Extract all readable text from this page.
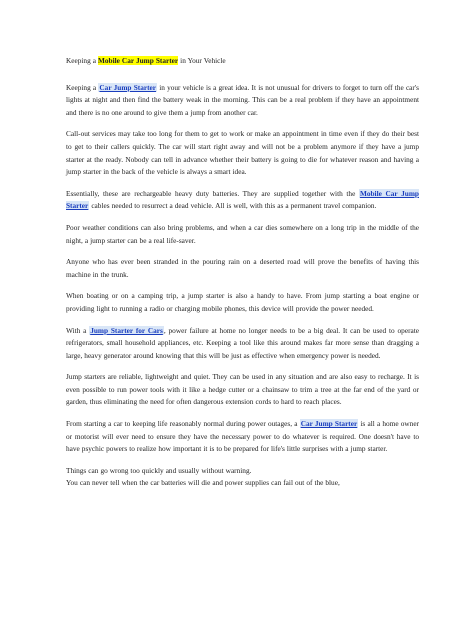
Keeping a Mobile Car Jump Starter in Your Vehicle

Keeping a Car Jump Starter in your vehicle is a great idea. It is not unusual for drivers to forget to turn off the car's lights at night and then find the battery weak in the morning. This can be a real problem if they have an appointment and there is no one around to give them a jump from another car.

Call-out services may take too long for them to get to work or make an appointment in time even if they do their best to get to their callers quickly. The car will start right away and will not be a problem anymore if they have a jump starter at the ready. Nobody can tell in advance whether their battery is going to die for whatever reason and having a jump starter in the back of the vehicle is always a smart idea.

Essentially, these are rechargeable heavy duty batteries. They are supplied together with the Mobile Car Jump Starter cables needed to resurrect a dead vehicle. All is well, with this as a permanent travel companion.

Poor weather conditions can also bring problems, and when a car dies somewhere on a long trip in the middle of the night, a jump starter can be a real life-saver.

Anyone who has ever been stranded in the pouring rain on a deserted road will prove the benefits of having this machine in the trunk.

When boating or on a camping trip, a jump starter is also a handy to have. From jump starting a boat engine or providing light to running a radio or charging mobile phones, this device will provide the power needed.

With a Jump Starter for Cars, power failure at home no longer needs to be a big deal. It can be used to operate refrigerators, small household appliances, etc. Keeping a tool like this around makes far more sense than dragging a large, heavy generator around knowing that this will be just as effective when emergency power is needed.

Jump starters are reliable, lightweight and quiet. They can be used in any situation and are also easy to recharge. It is even possible to run power tools with it like a hedge cutter or a chainsaw to trim a tree at the far end of the yard or garden, thus eliminating the need for often dangerous extension cords to hard to reach places.

From starting a car to keeping life reasonably normal during power outages, a Car Jump Starter is all a home owner or motorist will ever need to ensure they have the necessary power to do whatever is required. One doesn't have to have psychic powers to realize how important it is to be prepared for life's little surprises with a jump starter.

Things can go wrong too quickly and usually without warning.

You can never tell when the car batteries will die and power supplies can fail out of the blue,
